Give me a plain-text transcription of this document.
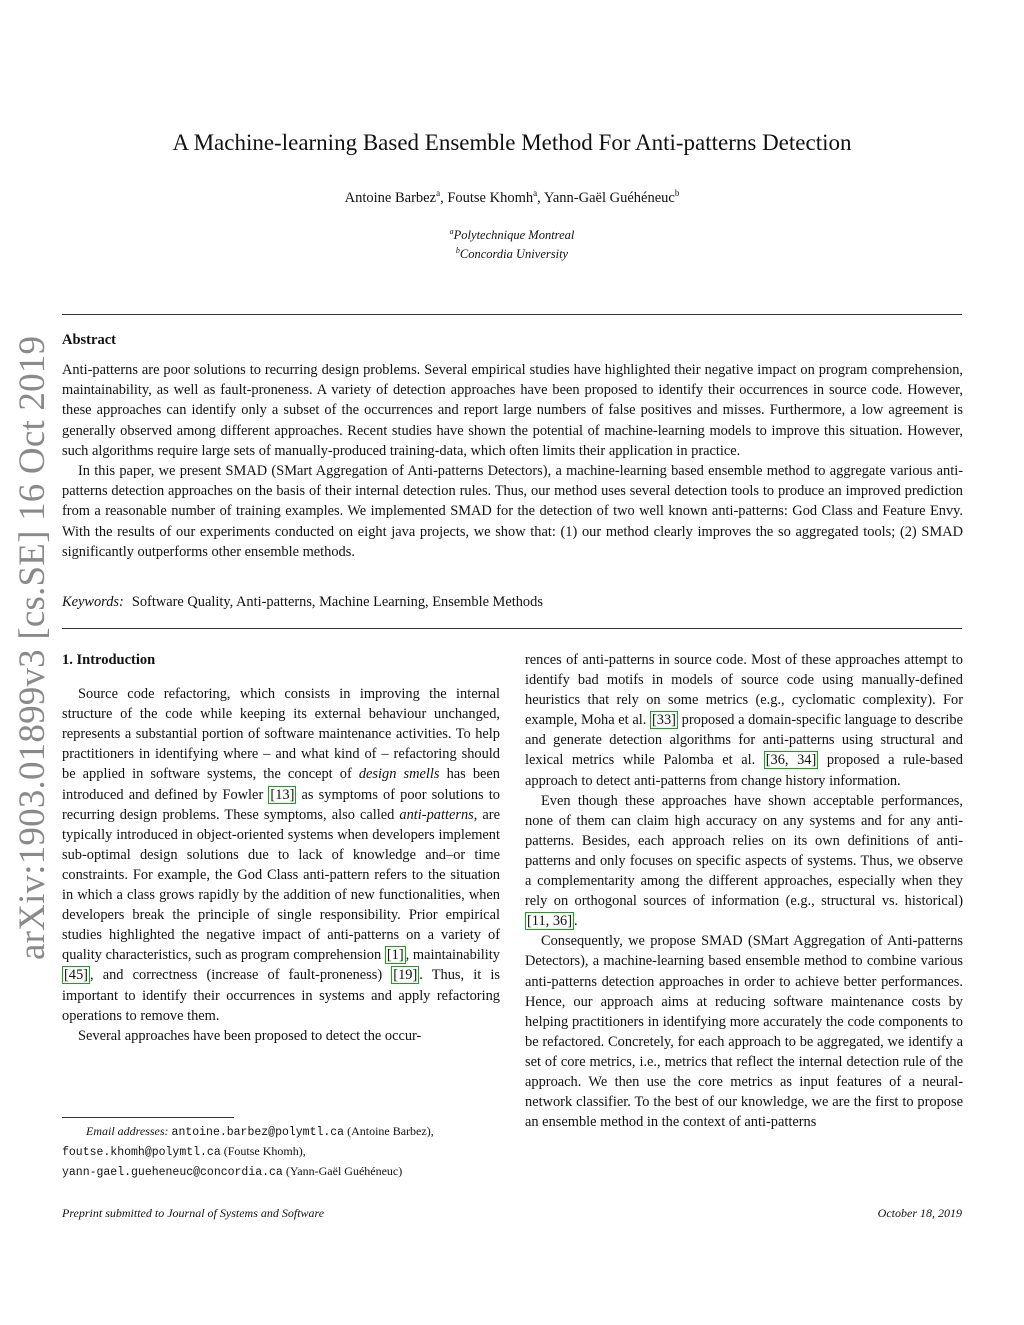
arXiv:1903.01899v3 [cs.SE] 16 Oct 2019
A Machine-learning Based Ensemble Method For Anti-patterns Detection
Antoine Barbez$^a$, Foutse Khomh$^a$, Yann-Gaël Guéhéneuc$^b$
$^a$Polytechnique Montreal
$^b$Concordia University
Abstract

Anti-patterns are poor solutions to recurring design problems. Several empirical studies have highlighted their negative impact on program comprehension, maintainability, as well as fault-proneness. A variety of detection approaches have been proposed to identify their occurrences in source code. However, these approaches can identify only a subset of the occurrences and report large numbers of false positives and misses. Furthermore, a low agreement is generally observed among different approaches. Recent studies have shown the potential of machine-learning models to improve this situation. However, such algorithms require large sets of manually-produced training-data, which often limits their application in practice.

In this paper, we present SMAD (SMart Aggregation of Anti-patterns Detectors), a machine-learning based ensemble method to aggregate various anti-patterns detection approaches on the basis of their internal detection rules. Thus, our method uses several detection tools to produce an improved prediction from a reasonable number of training examples. We implemented SMAD for the detection of two well known anti-patterns: God Class and Feature Envy. With the results of our experiments conducted on eight java projects, we show that: (1) our method clearly improves the so aggregated tools; (2) SMAD significantly outperforms other ensemble methods.

Keywords: Software Quality, Anti-patterns, Machine Learning, Ensemble Methods
1. Introduction

Source code refactoring, which consists in improving the internal structure of the code while keeping its external behaviour unchanged, represents a substantial portion of software maintenance activities. To help practitioners in identifying where – and what kind of – refactoring should be applied in software systems, the concept of design smells has been introduced and defined by Fowler [13] as symptoms of poor solutions to recurring design problems. These symptoms, also called anti-patterns, are typically introduced in object-oriented systems when developers implement sub-optimal design solutions due to lack of knowledge and–or time constraints. For example, the God Class anti-pattern refers to the situation in which a class grows rapidly by the addition of new functionalities, when developers break the principle of single responsibility. Prior empirical studies highlighted the negative impact of anti-patterns on a variety of quality characteristics, such as program comprehension [1] , maintainability [45] , and correctness (increase of fault-proneness) [19] . Thus, it is important to identify their occurrences in systems and apply refactoring operations to remove them.

Several approaches have been proposed to detect the occur-

rences of anti-patterns in source code. Most of these approaches attempt to identify bad motifs in models of source code using manually-defined heuristics that rely on some metrics (e.g., cyclomatic complexity). For example, Moha et al. [33] proposed a domain-specific language to describe and generate detection algorithms for anti-patterns using structural and lexical metrics while Palomba et al. [36, 34] proposed a rule-based approach to detect anti-patterns from change history information.

Even though these approaches have shown acceptable performances, none of them can claim high accuracy on any systems and for any anti-patterns. Besides, each approach relies on its own definitions of anti-patterns and only focuses on specific aspects of systems. Thus, we observe a complementarity among the different approaches, especially when they rely on orthogonal sources of information (e.g., structural vs. historical) [11, 36] .

Consequently, we propose SMAD (SMart Aggregation of Anti-patterns Detectors), a machine-learning based ensemble method to combine various anti-patterns detection approaches in order to achieve better performances. Hence, our approach aims at reducing software maintenance costs by helping practitioners in identifying more accurately the code components to be refactored. Concretely, for each approach to be aggregated, we identify a set of core metrics, i.e., metrics that reflect the internal detection rule of the approach. We then use the core metrics as input features of a neural-network classifier. To the best of our knowledge, we are the first to propose an ensemble method in the context of anti-patterns

Email addresses: antoine.barbez@polymtl.ca (Antoine Barbez),
foutse.khomh@polymtl.ca (Foutse Khomh),
yann-gael.gueheneuc@concordia.ca (Yann-Gaël Guéhéneuc)
Preprint submitted to Journal of Systems and Software	October 18, 2019
